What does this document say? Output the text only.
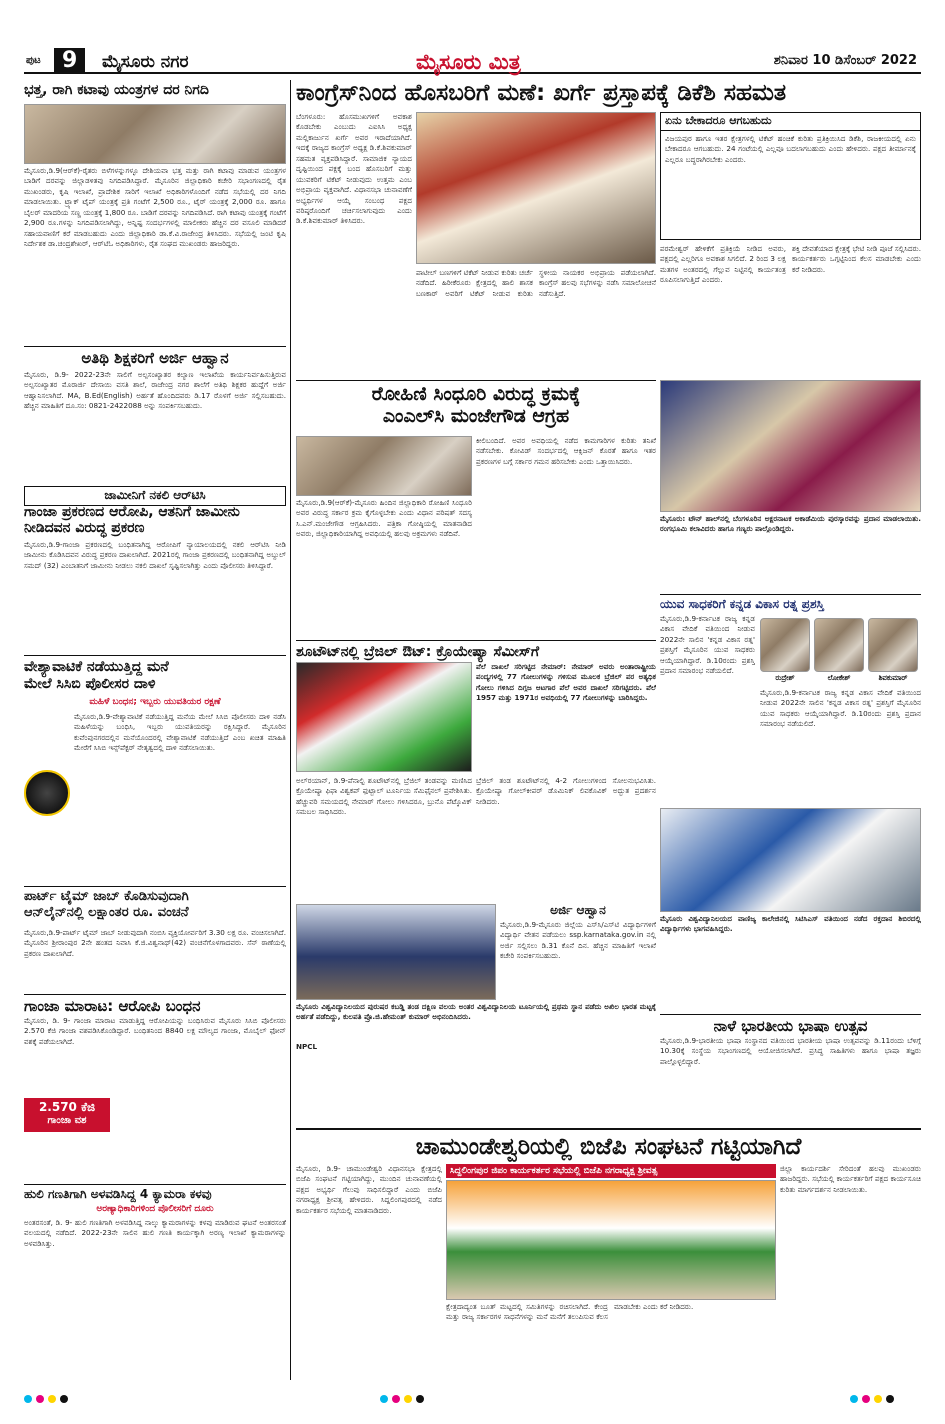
ಪುಟ 9	ಮೈಸೂರು ನಗರ	ಮೈಸೂರು ಮಿತ್ರ	ಶನಿವಾರ 10 ಡಿಸೆಂಬರ್ 2022
ಭತ್ತ, ರಾಗಿ ಕಟಾವು ಯಂತ್ರಗಳ ದರ ನಿಗದಿ
ಮೈಸೂರು,ಡಿ.9(ಆರ್‌ಕೆ)-ರೈತರು ಬಿಳೆಗಳನ್ನುಗಳ್ಳೂ ದೇಶಿಯವಾ ಭತ್ತ ಮತ್ತು ರಾಗಿ ಕಟಾವು ಮಾಡುವ ಯಂತ್ರಗಳ ಬಾಡಿಗೆ ದರವನ್ನು ಜಿಲ್ಲಾಡಳಿತವು ನಿಗದಿಪಡಿಸಿದ್ದಾರೆ. ಮೈಸೂರಿನ ಜಿಲ್ಲಾಧಿಕಾರಿ ಕಚೇರಿ ಸಭಾಂಗಣದಲ್ಲಿ ರೈತ ಮುಖಂಡರು, ಕೃಷಿ ಇಲಾಖೆ, ಪ್ರಾದೇಶಿಕ ಸಾರಿಗೆ ಇಲಾಖೆ ಅಧಿಕಾರಿಗಳೊಂದಿಗೆ ನಡೆದ ಸಭೆಯಲ್ಲಿ ದರ ನಿಗದಿ ಮಾಡಲಾಯಿತು. ಟ್ರ್ಯಾಕ್ ಟೈಪ್ ಯಂತ್ರಕ್ಕೆ ಪ್ರತಿ ಗಂಟೆಗೆ 2,500 ರೂ., ಟೈರ್ ಯಂತ್ರಕ್ಕೆ 2,000 ರೂ. ಹಾಗೂ ಬೈಲರ್ ಮಾದರಿಯ ಸಣ್ಣ ಯಂತ್ರಕ್ಕೆ 1,800 ರೂ. ಬಾಡಿಗೆ ದರವನ್ನು ನಿಗದಿಪಡಿಸಿದೆ. ರಾಗಿ ಕಟಾವು ಯಂತ್ರಕ್ಕೆ ಗಂಟೆಗೆ 2,900 ರೂ.ಗಳನ್ನು ನಿಗದಿಪಡಿಸಲಾಗಿದ್ದು, ಅನ್ನಿಷ್ಟ ಸಂದರ್ಭಗಳಲ್ಲಿ ಮಾಲೀಕರು ಹೆಚ್ಚಿನ ದರ ವಸೂಲಿ ಮಾಡಿದರೆ ಸಹಾಯವಾಣಿಗೆ ಕರೆ ಮಾಡಬಹುದು ಎಂದು ಜಿಲ್ಲಾಧಿಕಾರಿ ಡಾ.ಕೆ.ವಿ.ರಾಜೇಂದ್ರ ತಿಳಿಸಿದರು. ಸಭೆಯಲ್ಲಿ ಜಂಟಿ ಕೃಷಿ ನಿರ್ದೇಶಕ ಡಾ.ಚಂದ್ರಶೇಖರ್, ಆರ್‌ಟಿಓ ಅಧಿಕಾರಿಗಳು, ರೈತ ಸಂಘದ ಮುಖಂಡರು ಹಾಜರಿದ್ದರು.
ಅತಿಥಿ ಶಿಕ್ಷಕರಿಗೆ ಅರ್ಜಿ ಆಹ್ವಾನ
ಮೈಸೂರು, ಡಿ.9- 2022-23ನೇ ಸಾಲಿಗೆ ಅಲ್ಪಸಂಖ್ಯಾತರ ಕಲ್ಯಾಣ ಇಲಾಖೆಯ ಕಾರ್ಯನಿರ್ವಹಿಸುತ್ತಿರುವ ಅಲ್ಪಸಂಖ್ಯಾತರ ಮೊರಾರ್ಜಿ ದೇಸಾಯಿ ವಸತಿ ಶಾಲೆ, ರಾಜೇಂದ್ರ ನಗರ ಶಾಲೆಗೆ ಅತಿಥಿ ಶಿಕ್ಷಕರ ಹುದ್ದೆಗೆ ಅರ್ಜಿ ಆಹ್ವಾನಿಸಲಾಗಿದೆ. MA, B.Ed(English) ಅರ್ಹತೆ ಹೊಂದಿದವರು ಡಿ.17 ರೊಳಗೆ ಅರ್ಜಿ ಸಲ್ಲಿಸಬಹುದು. ಹೆಚ್ಚಿನ ಮಾಹಿತಿಗೆ ದೂ.ಸಂ: 0821-2422088 ಅನ್ನು ಸಂಪರ್ಕಿಸಬಹುದು.
ಜಾಮೀನಿಗೆ ನಕಲಿ ಆರ್‌ಟಿಸಿ
ಗಾಂಜಾ ಪ್ರಕರಣದ ಆರೋಪಿ, ಆತನಿಗೆ ಜಾಮೀನು ನೀಡಿದವನ ವಿರುದ್ಧ ಪ್ರಕರಣ
ಮೈಸೂರು,ಡಿ.9-ಗಾಂಜಾ ಪ್ರಕರಣದಲ್ಲಿ ಬಂಧಿತನಾಗಿದ್ದ ಆರೋಪಿಗೆ ನ್ಯಾಯಾಲಯದಲ್ಲಿ ನಕಲಿ ಆರ್‌ಟಿಸಿ ನೀಡಿ ಜಾಮೀನು ಕೊಡಿಸಿದವನ ವಿರುದ್ಧ ಪ್ರಕರಣ ದಾಖಲಾಗಿದೆ. 2021ರಲ್ಲಿ ಗಾಂಜಾ ಪ್ರಕರಣದಲ್ಲಿ ಬಂಧಿತನಾಗಿದ್ದ ಅಬ್ದುಲ್ ಸಮದ್ (32) ಎಂಬಾತನಿಗೆ ಜಾಮೀನು ನೀಡಲು ನಕಲಿ ದಾಖಲೆ ಸೃಷ್ಟಿಸಲಾಗಿತ್ತು ಎಂದು ಪೊಲೀಸರು ತಿಳಿಸಿದ್ದಾರೆ.
ವೇಶ್ಯಾವಾಟಿಕೆ ನಡೆಯುತ್ತಿದ್ದ ಮನೆ
ಮೇಲೆ ಸಿಸಿಬಿ ಪೊಲೀಸರ ದಾಳಿ
ಮಹಿಳೆ ಬಂಧನ; ಇಬ್ಬರು ಯುವತಿಯರ ರಕ್ಷಣೆ
ಮೈಸೂರು,ಡಿ.9-ವೇಶ್ಯಾವಾಟಿಕೆ ನಡೆಯುತ್ತಿದ್ದ ಮನೆಯ ಮೇಲೆ ಸಿಸಿಬಿ ಪೊಲೀಸರು ದಾಳಿ ನಡೆಸಿ ಮಹಿಳೆಯನ್ನು ಬಂಧಿಸಿ, ಇಬ್ಬರು ಯುವತಿಯರನ್ನು ರಕ್ಷಿಸಿದ್ದಾರೆ. ಮೈಸೂರಿನ ಕುವೆಂಪುನಗರದಲ್ಲಿನ ಮನೆಯೊಂದರಲ್ಲಿ ವೇಶ್ಯಾವಾಟಿಕೆ ನಡೆಯುತ್ತಿದೆ ಎಂಬ ಖಚಿತ ಮಾಹಿತಿ ಮೇರೆಗೆ ಸಿಸಿಬಿ ಇನ್ಸ್‌ಪೆಕ್ಟರ್ ನೇತೃತ್ವದಲ್ಲಿ ದಾಳಿ ನಡೆಸಲಾಯಿತು.
ಪಾರ್ಟ್ ಟೈಮ್ ಜಾಬ್ ಕೊಡಿಸುವುದಾಗಿ
ಆನ್‌ಲೈನ್‌ನಲ್ಲಿ ಲಕ್ಷಾಂತರ ರೂ. ವಂಚನೆ
ಮೈಸೂರು,ಡಿ.9-ಪಾರ್ಟ್ ಟೈಮ್ ಜಾಬ್ ನೀಡುವುದಾಗಿ ನಂಬಿಸಿ ವ್ಯಕ್ತಿಯೋರ್ವರಿಗೆ 3.30 ಲಕ್ಷ ರೂ. ವಂಚಿಸಲಾಗಿದೆ. ಮೈಸೂರಿನ ಶ್ರೀರಾಂಪುರ 2ನೇ ಹಂತದ ನಿವಾಸಿ ಕೆ.ಜಿ.ವಿಶ್ವನಾಥ್(42) ವಂಚನೆಗೊಳಗಾದವರು. ಸೆನ್ ಠಾಣೆಯಲ್ಲಿ ಪ್ರಕರಣ ದಾಖಲಾಗಿದೆ.
ಗಾಂಜಾ ಮಾರಾಟ: ಆರೋಪಿ ಬಂಧನ
ಮೈಸೂರು, ಡಿ. 9- ಗಾಂಜಾ ಮಾರಾಟ ಮಾಡುತ್ತಿದ್ದ ಆರೋಪಿಯನ್ನು ಬಂಧಿಸಿರುವ ಮೈಸೂರು ಸಿಸಿಬಿ ಪೊಲೀಸರು 2.570 ಕೆಜಿ ಗಾಂಜಾ ವಶಪಡಿಸಿಕೊಂಡಿದ್ದಾರೆ. ಬಂಧಿತನಿಂದ 8840 ಲಕ್ಷ ಮೌಲ್ಯದ ಗಾಂಜಾ, ಮೊಬೈಲ್ ಫೋನ್ ವಶಕ್ಕೆ ಪಡೆಯಲಾಗಿದೆ.
2.570 ಕೆಜಿ
ಗಾಂಜಾ ವಶ
ಹುಲಿ ಗಣತಿಗಾಗಿ ಅಳವಡಿಸಿದ್ದ 4 ಕ್ಯಾಮರಾ ಕಳವು
ಅರಣ್ಯಾಧಿಕಾರಿಗಳಿಂದ ಪೊಲೀಸರಿಗೆ ದೂರು
ಅಂತರಸಂತೆ, ಡಿ. 9- ಹುಲಿ ಗಣತಿಗಾಗಿ ಅಳವಡಿಸಿದ್ದ ನಾಲ್ಕು ಕ್ಯಾಮರಾಗಳನ್ನು ಕಳವು ಮಾಡಿರುವ ಘಟನೆ ಅಂತರಸಂತೆ ವಲಯದಲ್ಲಿ ನಡೆದಿದೆ. 2022-23ನೇ ಸಾಲಿನ ಹುಲಿ ಗಣತಿ ಕಾರ್ಯಕ್ಕಾಗಿ ಅರಣ್ಯ ಇಲಾಖೆ ಕ್ಯಾಮರಾಗಳನ್ನು ಅಳವಡಿಸಿತ್ತು.
ಕಾಂಗ್ರೆಸ್‌ನಿಂದ ಹೊಸಬರಿಗೆ ಮಣೆ: ಖರ್ಗೆ ಪ್ರಸ್ತಾಪಕ್ಕೆ ಡಿಕೆಶಿ ಸಹಮತ
ಬೆಂಗಳೂರು: ಹೊಸಮುಖಗಳಿಗೆ ಅವಕಾಶ ಕೊಡಬೇಕು ಎಂಬುದು ಎಐಸಿಸಿ ಅಧ್ಯಕ್ಷ ಮಲ್ಲಿಕಾರ್ಜುನ ಖರ್ಗೆ ಅವರ ಇರಾದೆಯಾಗಿದೆ. ಇದಕ್ಕೆ ರಾಜ್ಯದ ಕಾಂಗ್ರೆಸ್ ಅಧ್ಯಕ್ಷ ಡಿ.ಕೆ.ಶಿವಕುಮಾರ್ ಸಹಮತ ವ್ಯಕ್ತಪಡಿಸಿದ್ದಾರೆ. ಸಾಮಾಜಿಕ ನ್ಯಾಯದ ದೃಷ್ಟಿಯಿಂದ ಪಕ್ಷಕ್ಕೆ ಬಂದ ಹೊಸಬರಿಗೆ ಮತ್ತು ಯುವಕರಿಗೆ ಟಿಕೆಟ್ ನೀಡುವುದು ಉತ್ತಮ ಎಂಬ ಅಭಿಪ್ರಾಯ ವ್ಯಕ್ತವಾಗಿದೆ. ವಿಧಾನಸಭಾ ಚುನಾವಣೆಗೆ ಅಭ್ಯರ್ಥಿಗಳ ಆಯ್ಕೆ ಸಂಬಂಧ ಪಕ್ಷದ ವರಿಷ್ಠರೊಂದಿಗೆ ಚರ್ಚಿಸಲಾಗುವುದು ಎಂದು ಡಿ.ಕೆ.ಶಿವಕುಮಾರ್ ತಿಳಿಸಿದರು.
ಪಾಟೀಲ್ ಬಣಗಳಿಗೆ ಟಿಕೆಟ್ ನೀಡುವ ಕುರಿತು ಚರ್ಚೆ ನಡೆದಿದೆ. ಹಿರೀಕೆರೂರು ಕ್ಷೇತ್ರದಲ್ಲಿ ಹಾಲಿ ಶಾಸಕ ಬಣಕಾರ್ ಅವರಿಗೆ ಟಿಕೆಟ್ ನೀಡುವ ಕುರಿತು ಸ್ಥಳೀಯ ನಾಯಕರ ಅಭಿಪ್ರಾಯ ಪಡೆಯಲಾಗಿದೆ. ಕಾಂಗ್ರೆಸ್ ಹಲವು ಸಭೆಗಳನ್ನು ನಡೆಸಿ ಸಮಾಲೋಚನೆ ನಡೆಸುತ್ತಿದೆ.
ಏನು ಬೇಕಾದರೂ ಆಗಬಹುದು
ವಿಜಯಪುರ ಹಾಗೂ ಇತರ ಕ್ಷೇತ್ರಗಳಲ್ಲಿ ಟಿಕೆಟ್ ಹಂಚಿಕೆ ಕುರಿತು ಪ್ರತಿಕ್ರಿಯಿಸಿದ ಡಿಕೆಶಿ, ರಾಜಕೀಯದಲ್ಲಿ ಏನು ಬೇಕಾದರೂ ಆಗಬಹುದು. 24 ಗಂಟೆಯಲ್ಲಿ ಎಲ್ಲವೂ ಬದಲಾಗಬಹುದು ಎಂದು ಹೇಳಿದರು. ಪಕ್ಷದ ತೀರ್ಮಾನಕ್ಕೆ ಎಲ್ಲರೂ ಬದ್ಧರಾಗಿರಬೇಕು ಎಂದರು.
ಪರಮೇಶ್ವರ್ ಹೇಳಿಕೆಗೆ ಪ್ರತಿಕ್ರಿಯೆ ನೀಡಿದ ಅವರು, ಪಕ್ಷದಲ್ಲಿ ಎಲ್ಲರಿಗೂ ಅವಕಾಶ ಸಿಗಲಿದೆ. 2 ರಿಂದ 3 ಲಕ್ಷ ಮತಗಳ ಅಂತರದಲ್ಲಿ ಗೆಲ್ಲುವ ನಿಟ್ಟಿನಲ್ಲಿ ಕಾರ್ಯತಂತ್ರ ರೂಪಿಸಲಾಗುತ್ತಿದೆ ಎಂದರು.
ಶಕ್ತಿ ದೇವತೆಯಾದ ಕ್ಷೇತ್ರಕ್ಕೆ ಭೇಟಿ ನೀಡಿ ಪೂಜೆ ಸಲ್ಲಿಸಿದರು. ಕಾರ್ಯಕರ್ತರು ಒಗ್ಗಟ್ಟಿನಿಂದ ಕೆಲಸ ಮಾಡಬೇಕು ಎಂದು ಕರೆ ನೀಡಿದರು.
ರೋಹಿಣಿ ಸಿಂಧೂರಿ ವಿರುದ್ಧ ಕ್ರಮಕ್ಕೆ
ಎಂಎಲ್‌ಸಿ ಮಂಜೇಗೌಡ ಆಗ್ರಹ
ಮೈಸೂರು,ಡಿ.9(ಆರ್‌ಕೆ)-ಮೈಸೂರು ಹಿಂದಿನ ಜಿಲ್ಲಾಧಿಕಾರಿ ರೋಹಿಣಿ ಸಿಂಧೂರಿ ಅವರ ವಿರುದ್ಧ ಸರ್ಕಾರ ಕ್ರಮ ಕೈಗೊಳ್ಳಬೇಕು ಎಂದು ವಿಧಾನ ಪರಿಷತ್ ಸದಸ್ಯ ಸಿ.ಎನ್.ಮಂಜೇಗೌಡ ಆಗ್ರಹಿಸಿದರು. ಪತ್ರಿಕಾ ಗೋಷ್ಠಿಯಲ್ಲಿ ಮಾತನಾಡಿದ ಅವರು, ಜಿಲ್ಲಾಧಿಕಾರಿಯಾಗಿದ್ದ ಅವಧಿಯಲ್ಲಿ ಹಲವು ಅಕ್ರಮಗಳು ನಡೆದಿವೆ.
ಕೀಲಿಬಂದಿದೆ. ಅವರ ಅವಧಿಯಲ್ಲಿ ನಡೆದ ಕಾಮಗಾರಿಗಳ ಕುರಿತು ತನಿಖೆ ನಡೆಸಬೇಕು. ಕೋವಿಡ್ ಸಂದರ್ಭದಲ್ಲಿ ಆಕ್ಸಿಜನ್ ಕೊರತೆ ಹಾಗೂ ಇತರ ಪ್ರಕರಣಗಳ ಬಗ್ಗೆ ಸರ್ಕಾರ ಗಮನ ಹರಿಸಬೇಕು ಎಂದು ಒತ್ತಾಯಿಸಿದರು.
ಮೈಸೂರು: ಟೌನ್ ಹಾಲ್‌ನಲ್ಲಿ ಬೆಂಗಳೂರಿನ ಅಕ್ಷರನಾಟಕ ಅಕಾಡೆಮಿಯ ಪುರಸ್ಕಾರವನ್ನು ಪ್ರದಾನ ಮಾಡಲಾಯಿತು. ರಂಗಭೂಮಿ ಕಲಾವಿದರು ಹಾಗೂ ಗಣ್ಯರು ಪಾಲ್ಗೊಂಡಿದ್ದರು.
ಯುವ ಸಾಧಕರಿಗೆ ಕನ್ನಡ ವಿಕಾಸ ರತ್ನ ಪ್ರಶಸ್ತಿ
ಮೈಸೂರು,ಡಿ.9-ಕರ್ನಾಟಕ ರಾಜ್ಯ ಕನ್ನಡ ವಿಕಾಸ ವೇದಿಕೆ ವತಿಯಿಂದ ನೀಡುವ 2022ನೇ ಸಾಲಿನ 'ಕನ್ನಡ ವಿಕಾಸ ರತ್ನ' ಪ್ರಶಸ್ತಿಗೆ ಮೈಸೂರಿನ ಯುವ ಸಾಧಕರು ಆಯ್ಕೆಯಾಗಿದ್ದಾರೆ. ಡಿ.10ರಂದು ಪ್ರಶಸ್ತಿ ಪ್ರದಾನ ಸಮಾರಂಭ ನಡೆಯಲಿದೆ.
ರುದ್ರೇಶ್	ಲೋಕೇಶ್	ಶಿವಕುಮಾರ್
ಮೈಸೂರು,ಡಿ.9-ಕರ್ನಾಟಕ ರಾಜ್ಯ ಕನ್ನಡ ವಿಕಾಸ ವೇದಿಕೆ ವತಿಯಿಂದ ನೀಡುವ 2022ನೇ ಸಾಲಿನ 'ಕನ್ನಡ ವಿಕಾಸ ರತ್ನ' ಪ್ರಶಸ್ತಿಗೆ ಮೈಸೂರಿನ ಯುವ ಸಾಧಕರು ಆಯ್ಕೆಯಾಗಿದ್ದಾರೆ. ಡಿ.10ರಂದು ಪ್ರಶಸ್ತಿ ಪ್ರದಾನ ಸಮಾರಂಭ ನಡೆಯಲಿದೆ.
ಶೂಟೌಟ್‌ನಲ್ಲಿ ಬ್ರೆಜಿಲ್ ಔಟ್: ಕ್ರೊಯೇಷ್ಯಾ ಸೆಮೀಸ್‌ಗೆ
ಪೆಲೆ ದಾಖಲೆ ಸರಿಗಟ್ಟಿದ ನೇಮಾರ್: ನೇಮಾರ್ ಅವರು ಅಂತಾರಾಷ್ಟ್ರೀಯ ಪಂದ್ಯಗಳಲ್ಲಿ 77 ಗೋಲುಗಳನ್ನು ಗಳಿಸುವ ಮೂಲಕ ಬ್ರೆಜಿಲ್ ಪರ ಅತ್ಯಧಿಕ ಗೋಲು ಗಳಿಸಿದ ದಿಗ್ಗಜ ಆಟಗಾರ ಪೆಲೆ ಅವರ ದಾಖಲೆ ಸರಿಗಟ್ಟಿದರು. ಪೆಲೆ 1957 ಮತ್ತು 1971ರ ಅವಧಿಯಲ್ಲಿ 77 ಗೋಲುಗಳನ್ನು ಬಾರಿಸಿದ್ದರು.
ಅಲ್‌ರಯಾನ್, ಡಿ.9-ಪೆನಾಲ್ಟಿ ಶೂಟೌಟ್‌ನಲ್ಲಿ ಬ್ರೆಜಿಲ್ ತಂಡವನ್ನು ಮಣಿಸಿದ ಕ್ರೊಯೇಷ್ಯಾ ಫಿಫಾ ವಿಶ್ವಕಪ್ ಫುಟ್ಬಾಲ್ ಟೂರ್ನಿಯ ಸೆಮಿಫೈನಲ್ ಪ್ರವೇಶಿಸಿತು. ಹೆಚ್ಚುವರಿ ಸಮಯದಲ್ಲಿ ನೇಮಾರ್ ಗೋಲು ಗಳಿಸಿದರೂ, ಬ್ರುನೊ ಪೆಟ್ಕೊವಿಕ್ ಸಮಬಲ ಸಾಧಿಸಿದರು.
ಬ್ರೆಜಿಲ್ ತಂಡ ಶೂಟೌಟ್‌ನಲ್ಲಿ 4-2 ಗೋಲುಗಳಿಂದ ಸೋಲನುಭವಿಸಿತು. ಕ್ರೊಯೇಷ್ಯಾ ಗೋಲ್‌ಕೀಪರ್ ಡೊಮಿನಿಕ್ ಲಿವಕೊವಿಕ್ ಅದ್ಭುತ ಪ್ರದರ್ಶನ ನೀಡಿದರು.
ಮೈಸೂರು ವಿಶ್ವವಿದ್ಯಾನಿಲಯದ ಪುರುಷರ ಕಬಡ್ಡಿ ತಂಡ ದಕ್ಷಿಣ ವಲಯ ಅಂತರ ವಿಶ್ವವಿದ್ಯಾನಿಲಯ ಟೂರ್ನಿಯಲ್ಲಿ ಪ್ರಥಮ ಸ್ಥಾನ ಪಡೆದು ಅಖಿಲ ಭಾರತ ಮಟ್ಟಕ್ಕೆ ಅರ್ಹತೆ ಪಡೆದಿದ್ದು, ಕುಲಪತಿ ಪ್ರೊ.ಜಿ.ಹೇಮಂತ್ ಕುಮಾರ್ ಅಭಿನಂದಿಸಿದರು.
ಅರ್ಜಿ ಆಹ್ವಾನ
ಮೈಸೂರು,ಡಿ.9-ಮೈಸೂರು ಜಿಲ್ಲೆಯ ಎಸ್‌ಸಿ/ಎಸ್‌ಟಿ ವಿದ್ಯಾರ್ಥಿಗಳಿಗೆ ವಿದ್ಯಾರ್ಥಿ ವೇತನ ಪಡೆಯಲು ssp.karnataka.gov.in ನಲ್ಲಿ ಅರ್ಜಿ ಸಲ್ಲಿಸಲು ಡಿ.31 ಕೊನೆ ದಿನ. ಹೆಚ್ಚಿನ ಮಾಹಿತಿಗೆ ಇಲಾಖೆ ಕಚೇರಿ ಸಂಪರ್ಕಿಸಬಹುದು.
ಮೈಸೂರು ವಿಶ್ವವಿದ್ಯಾನಿಲಯದ ವಾಣಿಜ್ಯ ಕಾಲೇಜಿನಲ್ಲಿ ಸಿಟಿಸಿಎಸ್ ವತಿಯಿಂದ ನಡೆದ ರಕ್ತದಾನ ಶಿಬಿರದಲ್ಲಿ ವಿದ್ಯಾರ್ಥಿಗಳು ಭಾಗವಹಿಸಿದ್ದರು.
ನಾಳೆ ಭಾರತೀಯ ಭಾಷಾ ಉತ್ಸವ
ಮೈಸೂರು,ಡಿ.9-ಭಾರತೀಯ ಭಾಷಾ ಸಂಸ್ಥಾನದ ವತಿಯಿಂದ ಭಾರತೀಯ ಭಾಷಾ ಉತ್ಸವವನ್ನು ಡಿ.11ರಂದು ಬೆಳಿಗ್ಗೆ 10.30ಕ್ಕೆ ಸಂಸ್ಥೆಯ ಸಭಾಂಗಣದಲ್ಲಿ ಆಯೋಜಿಸಲಾಗಿದೆ. ಪ್ರಸಿದ್ಧ ಸಾಹಿತಿಗಳು ಹಾಗೂ ಭಾಷಾ ತಜ್ಞರು ಪಾಲ್ಗೊಳ್ಳಲಿದ್ದಾರೆ.
NPCL
ಚಾಮುಂಡೇಶ್ವರಿಯಲ್ಲಿ ಬಿಜೆಪಿ ಸಂಘಟನೆ ಗಟ್ಟಿಯಾಗಿದೆ
ಮೈಸೂರು, ಡಿ.9- ಚಾಮುಂಡೇಶ್ವರಿ ವಿಧಾನಸಭಾ ಕ್ಷೇತ್ರದಲ್ಲಿ ಬಿಜೆಪಿ ಸಂಘಟನೆ ಗಟ್ಟಿಯಾಗಿದ್ದು, ಮುಂದಿನ ಚುನಾವಣೆಯಲ್ಲಿ ಪಕ್ಷದ ಅಭ್ಯರ್ಥಿ ಗೆಲುವು ಸಾಧಿಸಲಿದ್ದಾರೆ ಎಂದು ಬಿಜೆಪಿ ನಗರಾಧ್ಯಕ್ಷ ಶ್ರೀವತ್ಸ ಹೇಳಿದರು. ಸಿದ್ದಲಿಂಗಪುರದಲ್ಲಿ ನಡೆದ ಕಾರ್ಯಕರ್ತರ ಸಭೆಯಲ್ಲಿ ಮಾತನಾಡಿದರು.
ಸಿದ್ದಲಿಂಗಪುರ ಜಿಪಂ ಕಾರ್ಯಕರ್ತರ ಸಭೆಯಲ್ಲಿ ಬಿಜೆಪಿ ನಗರಾಧ್ಯಕ್ಷ ಶ್ರೀವತ್ಸ
ಕ್ಷೇತ್ರದಾದ್ಯಂತ ಬೂತ್ ಮಟ್ಟದಲ್ಲಿ ಸಮಿತಿಗಳನ್ನು ರಚಿಸಲಾಗಿದೆ. ಕೇಂದ್ರ ಮತ್ತು ರಾಜ್ಯ ಸರ್ಕಾರಗಳ ಸಾಧನೆಗಳನ್ನು ಮನೆ ಮನೆಗೆ ತಲುಪಿಸುವ ಕೆಲಸ ಮಾಡಬೇಕು ಎಂದು ಕರೆ ನೀಡಿದರು.
ಜಿಲ್ಲಾ ಕಾರ್ಯದರ್ಶಿ ಸೇರಿದಂತೆ ಹಲವು ಮುಖಂಡರು ಹಾಜರಿದ್ದರು. ಸಭೆಯಲ್ಲಿ ಕಾರ್ಯಕರ್ತರಿಗೆ ಪಕ್ಷದ ಕಾರ್ಯಸೂಚಿ ಕುರಿತು ಮಾರ್ಗದರ್ಶನ ನೀಡಲಾಯಿತು.
